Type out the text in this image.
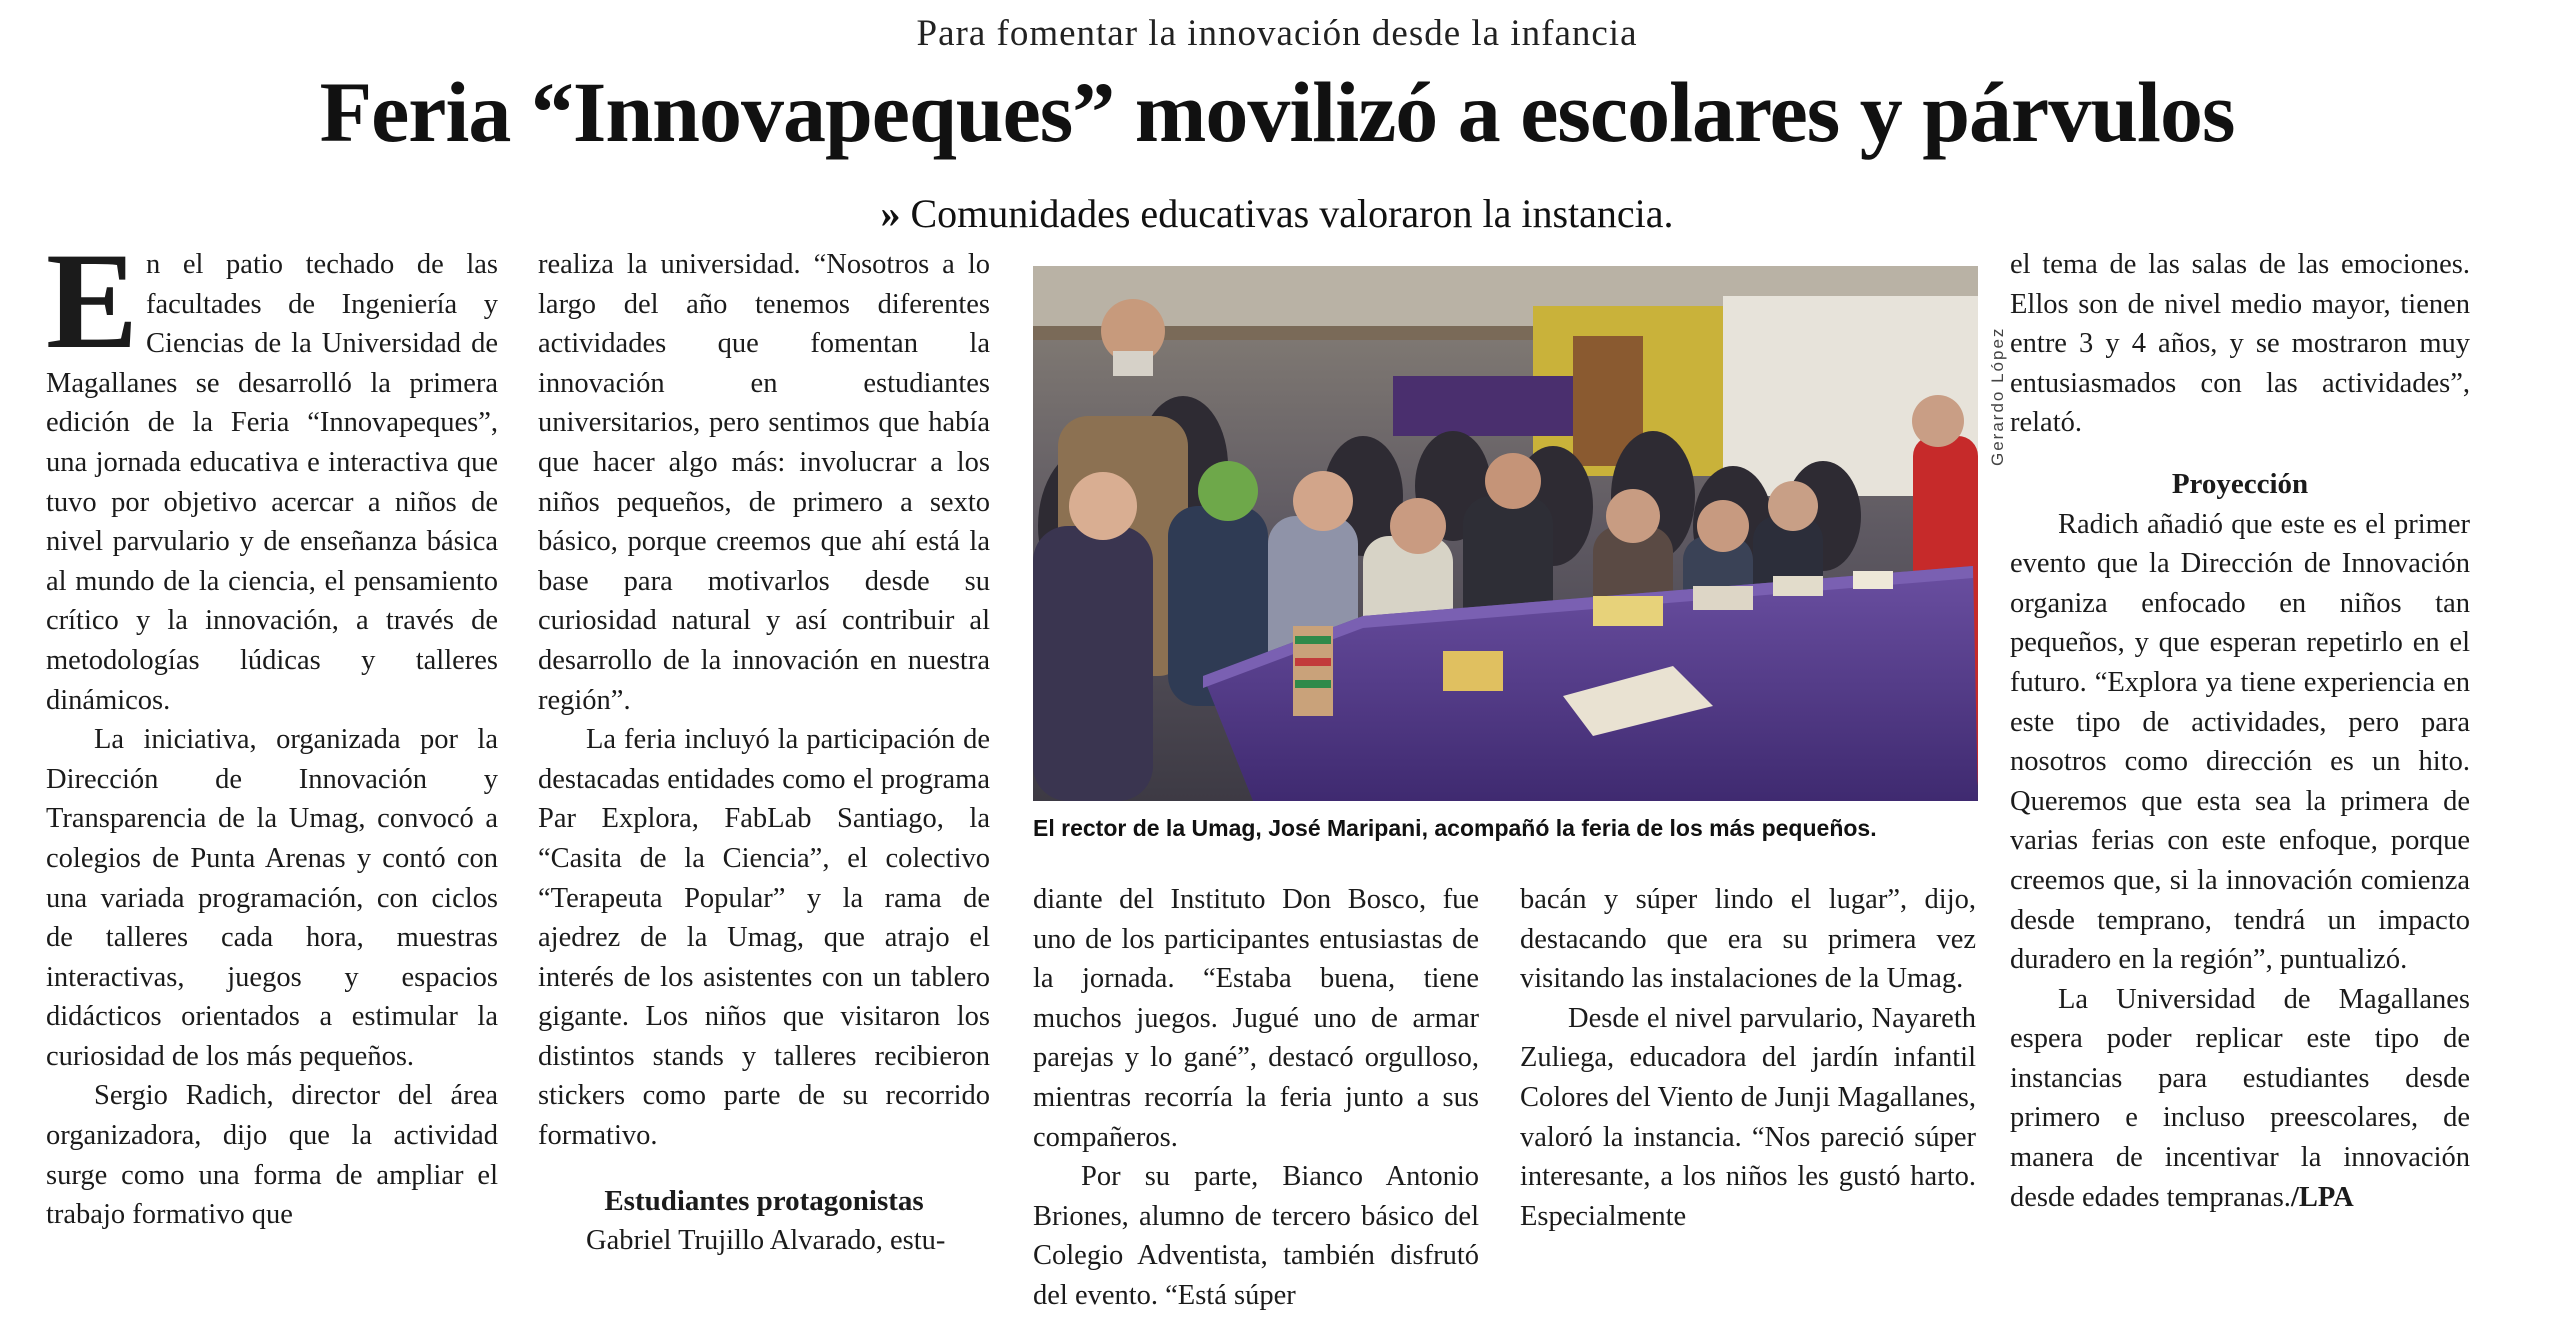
Para fomentar la innovación desde la infancia
Feria “Innovapeques” movilizó a escolares y párvulos
» Comunidades educativas valoraron la instancia.

En el patio techado de las facultades de Ingeniería y Ciencias de la Universidad de Magallanes se desarrolló la primera edición de la Feria “Innovapeques”, una jornada educativa e interactiva que tuvo por objetivo acercar a niños de nivel parvulario y de enseñanza básica al mundo de la ciencia, el pensamiento crítico y la innovación, a través de metodologías lúdicas y talleres dinámicos.

La iniciativa, organizada por la Dirección de Innovación y Transparencia de la Umag, convocó a colegios de Punta Arenas y contó con una variada programación, con ciclos de talleres cada hora, muestras interactivas, juegos y espacios didácticos orientados a estimular la curiosidad de los más pequeños.

Sergio Radich, director del área organizadora, dijo que la actividad surge como una forma de ampliar el trabajo formativo que

realiza la universidad. “Nosotros a lo largo del año tenemos diferentes actividades que fomentan la innovación en estudiantes universitarios, pero sentimos que había que hacer algo más: involucrar a los niños pequeños, de primero a sexto básico, porque creemos que ahí está la base para motivarlos desde su curiosidad natural y así contribuir al desarrollo de la innovación en nuestra región”.

La feria incluyó la participación de destacadas entidades como el programa Par Explora, FabLab Santiago, la “Casita de la Ciencia”, el colectivo “Terapeuta Popular” y la rama de ajedrez de la Umag, que atrajo el interés de los asistentes con un tablero gigante. Los niños que visitaron los distintos stands y talleres recibieron stickers como parte de su recorrido formativo.

Estudiantes protagonistas

Gabriel Trujillo Alvarado, estu-

Gerardo López
El rector de la Umag, José Maripani, acompañó la feria de los más pequeños.

diante del Instituto Don Bosco, fue uno de los participantes entusiastas de la jornada. “Estaba buena, tiene muchos juegos. Jugué uno de armar parejas y lo gané”, destacó orgulloso, mientras recorría la feria junto a sus compañeros.

Por su parte, Bianco Antonio Briones, alumno de tercero básico del Colegio Adventista, también disfrutó del evento. “Está súper

bacán y súper lindo el lugar”, dijo, destacando que era su primera vez visitando las instalaciones de la Umag.

Desde el nivel parvulario, Nayareth Zuliega, educadora del jardín infantil Colores del Viento de Junji Magallanes, valoró la instancia. “Nos pareció súper interesante, a los niños les gustó harto. Especialmente

el tema de las salas de las emociones. Ellos son de nivel medio mayor, tienen entre 3 y 4 años, y se mostraron muy entusiasmados con las actividades”, relató.

Proyección

Radich añadió que este es el primer evento que la Dirección de Innovación organiza enfocado en niños tan pequeños, y que esperan repetirlo en el futuro. “Explora ya tiene experiencia en este tipo de actividades, pero para nosotros como dirección es un hito. Queremos que esta sea la primera de varias ferias con este enfoque, porque creemos que, si la innovación comienza desde temprano, tendrá un impacto duradero en la región”, puntualizó.

La Universidad de Magallanes espera poder replicar este tipo de instancias para estudiantes desde primero e incluso preescolares, de manera de incentivar la innovación desde edades tempranas./LPA
